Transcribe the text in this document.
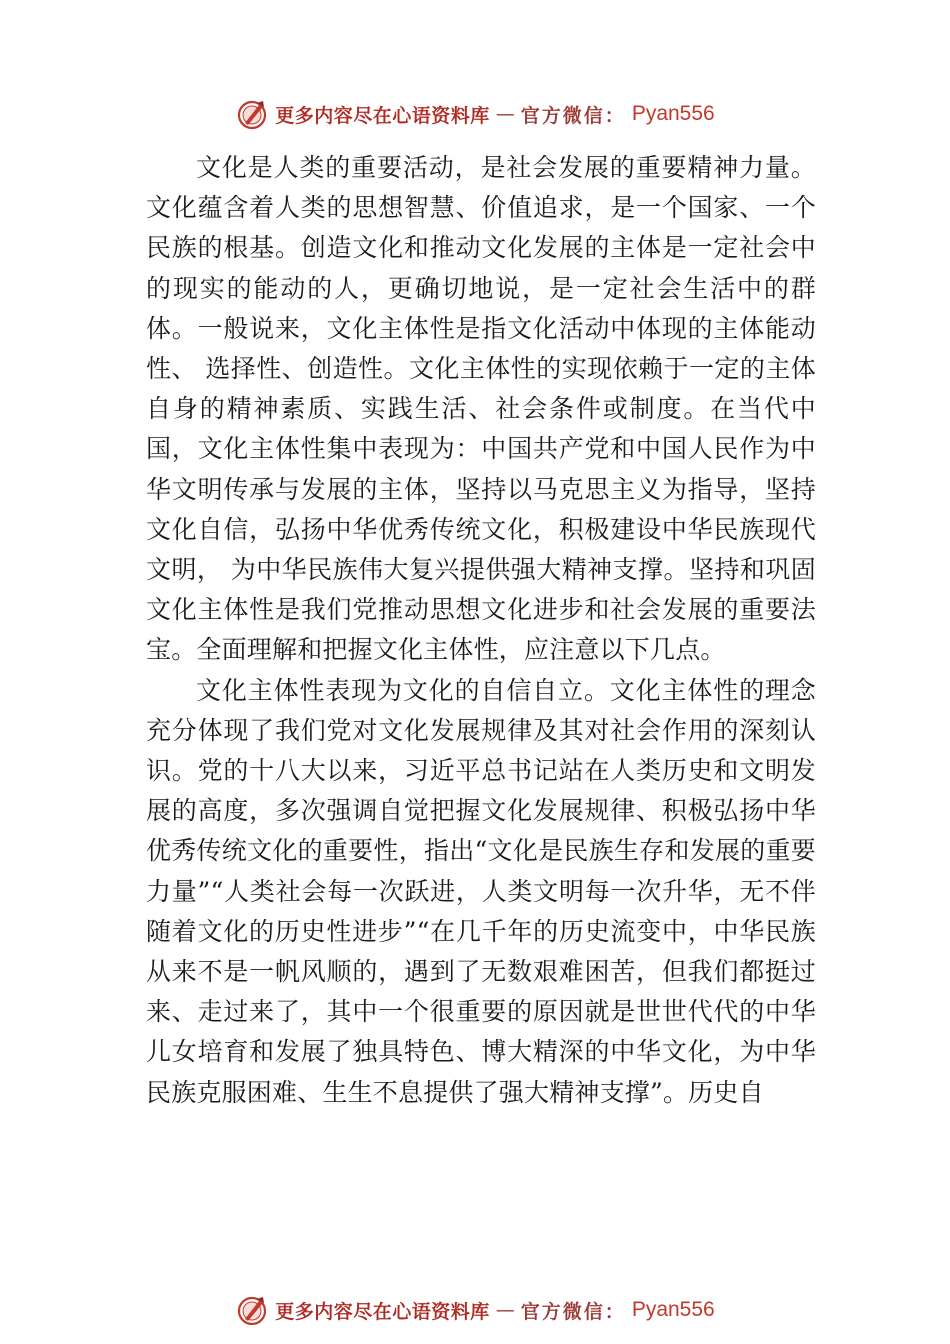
更多内容尽在心语资料库 — 官方微信： Pyan556

文化是人类的重要活动，是社会发展的重要精神力量。文化蕴含着人类的思想智慧、价值追求，是一个国家、一个民族的根基。创造文化和推动文化发展的主体是一定社会中的现实的能动的人，更确切地说，是一定社会生活中的群体。一般说来，文化主体性是指文化活动中体现的主体能动性、 选择性、创造性。文化主体性的实现依赖于一定的主体自身的精神素质、实践生活、社会条件或制度。在当代中国，文化主体性集中表现为：中国共产党和中国人民作为中华文明传承与发展的主体，坚持以马克思主义为指导，坚持文化自信，弘扬中华优秀传统文化，积极建设中华民族现代文明， 为中华民族伟大复兴提供强大精神支撑。坚持和巩固文化主体性是我们党推动思想文化进步和社会发展的重要法宝。全面理解和把握文化主体性，应注意以下几点。

文化主体性表现为文化的自信自立。文化主体性的理念充分体现了我们党对文化发展规律及其对社会作用的深刻认识。党的十八大以来，习近平总书记站在人类历史和文明发展的高度，多次强调自觉把握文化发展规律、积极弘扬中华优秀传统文化的重要性，指出“文化是民族生存和发展的重要力量”“人类社会每一次跃进，人类文明每一次升华，无不伴随着文化的历史性进步”“在几千年的历史流变中，中华民族从来不是一帆风顺的，遇到了无数艰难困苦，但我们都挺过来、走过来了，其中一个很重要的原因就是世世代代的中华儿女培育和发展了独具特色、博大精深的中华文化，为中华民族克服困难、生生不息提供了强大精神支撑”。历史自

更多内容尽在心语资料库 — 官方微信： Pyan556
